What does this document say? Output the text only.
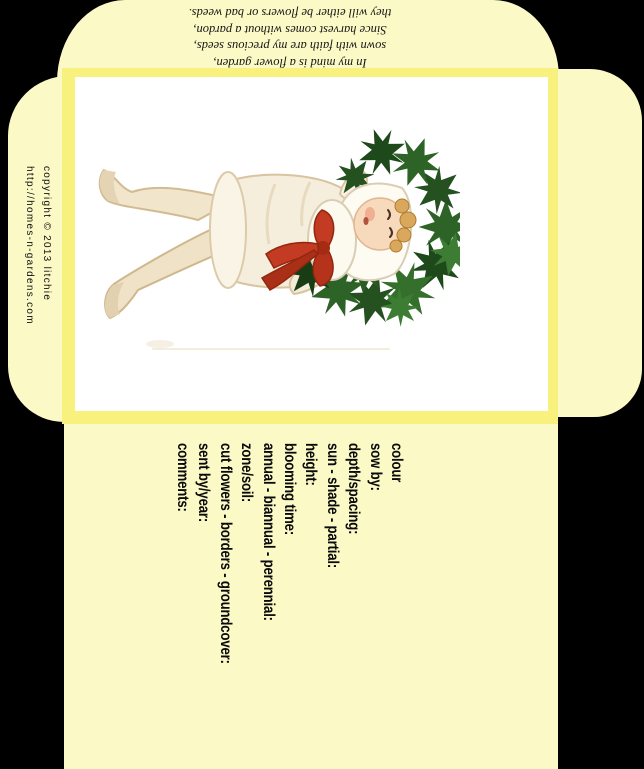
In my mind is a flower garden,
sown with faith are my precious seeds,
Since harvest comes without a pardon,
they will either be flowers or bad weeds.
copyright © 2013 litchie
http://homes-n-gardens.com
colour
sow by:
depth/spacing:
sun - shade - partial:
height:
blooming time:
annual - biannual - perennial:
zone/soil:
cut flowers - borders - groundcover:
sent by/year:
comments:
